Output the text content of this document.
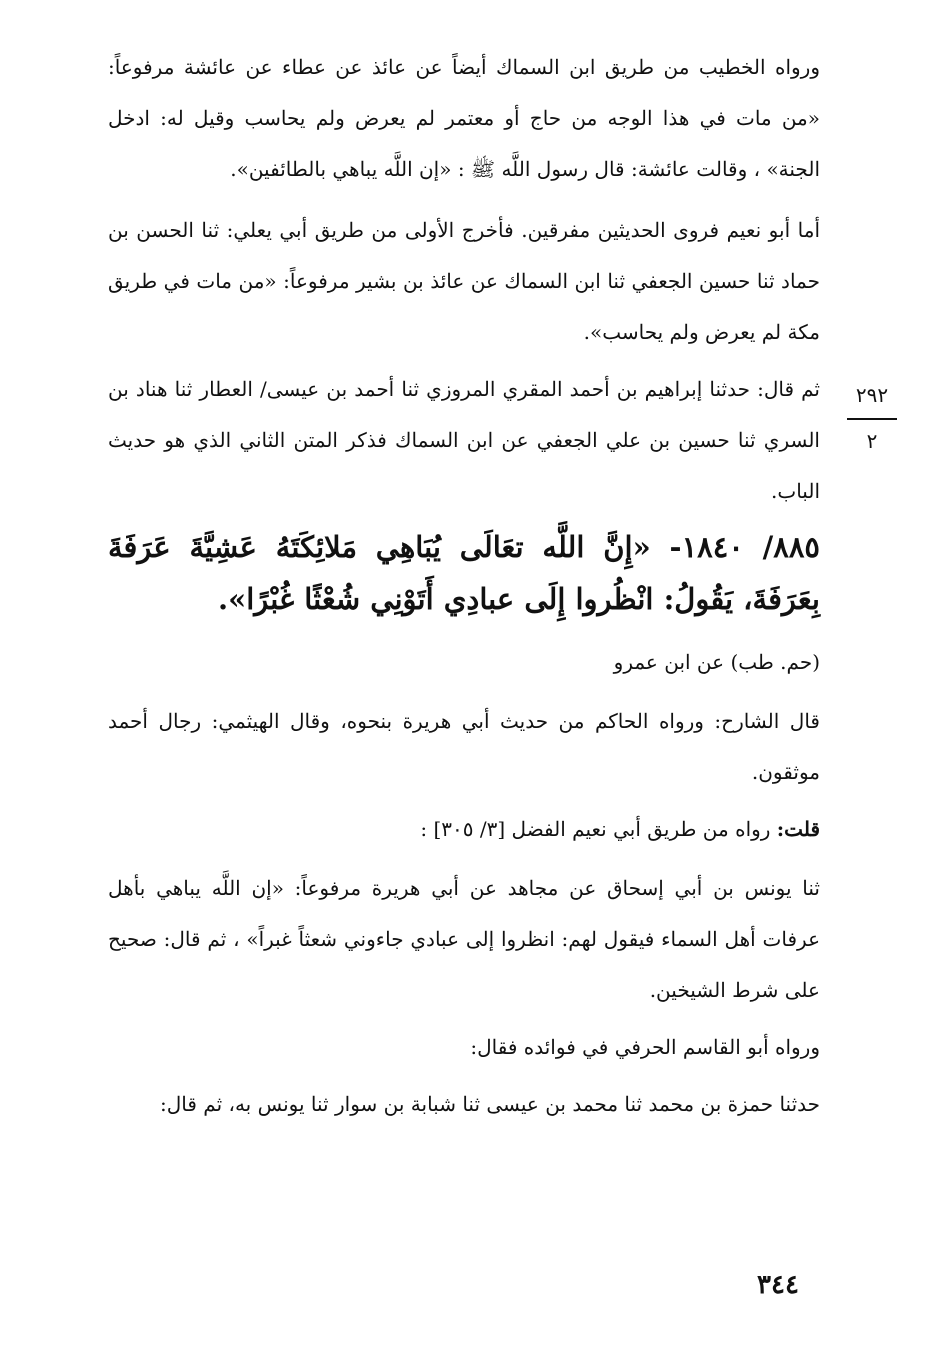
ورواه الخطيب من طريق ابن السماك أيضاً عن عائذ عن عطاء عن عائشة مرفوعاً: «من مات في هذا الوجه من حاج أو معتمر لم يعرض ولم يحاسب وقيل له: ادخل الجنة» ، وقالت عائشة: قال رسول اللَّه ﷺ : «إن اللَّه يباهي بالطائفين».

أما أبو نعيم فروى الحديثين مفرقين. فأخرج الأولى من طريق أبي يعلي: ثنا الحسن بن حماد ثنا حسين الجعفي ثنا ابن السماك عن عائذ بن بشير مرفوعاً: «من مات في طريق مكة لم يعرض ولم يحاسب».

ثم قال: حدثنا إبراهيم بن أحمد المقري المروزي ثنا أحمد بن عيسى/ العطار ثنا هناد بن السري ثنا حسين بن علي الجعفي عن ابن السماك فذكر المتن الثاني الذي هو حديث الباب.

٨٨٥/ ١٨٤٠- «إِنَّ اللَّه تعَالَى يُبَاهِي مَلائِكَتَهُ عَشِيَّةَ عَرَفَةَ بِعَرَفَةَ، يَقُولُ: انْظُروا إِلَى عبادِي أَتَوْنِي شُعْثًا غُبْرًا».

(حم. طب) عن ابن عمرو

قال الشارح: ورواه الحاكم من حديث أبي هريرة بنحوه، وقال الهيثمي: رجال أحمد موثقون.

قلت: رواه من طريق أبي نعيم الفضل [٣/ ٣٠٥] :

ثنا يونس بن أبي إسحاق عن مجاهد عن أبي هريرة مرفوعاً: «إن اللَّه يباهي بأهل عرفات أهل السماء فيقول لهم: انظروا إلى عبادي جاءوني شعثاً غبراً» ، ثم قال: صحيح على شرط الشيخين.

ورواه أبو القاسم الحرفي في فوائده فقال:

حدثنا حمزة بن محمد ثنا محمد بن عيسى ثنا شبابة بن سوار ثنا يونس به، ثم قال:

٢٩٢
٢
٣٤٤
